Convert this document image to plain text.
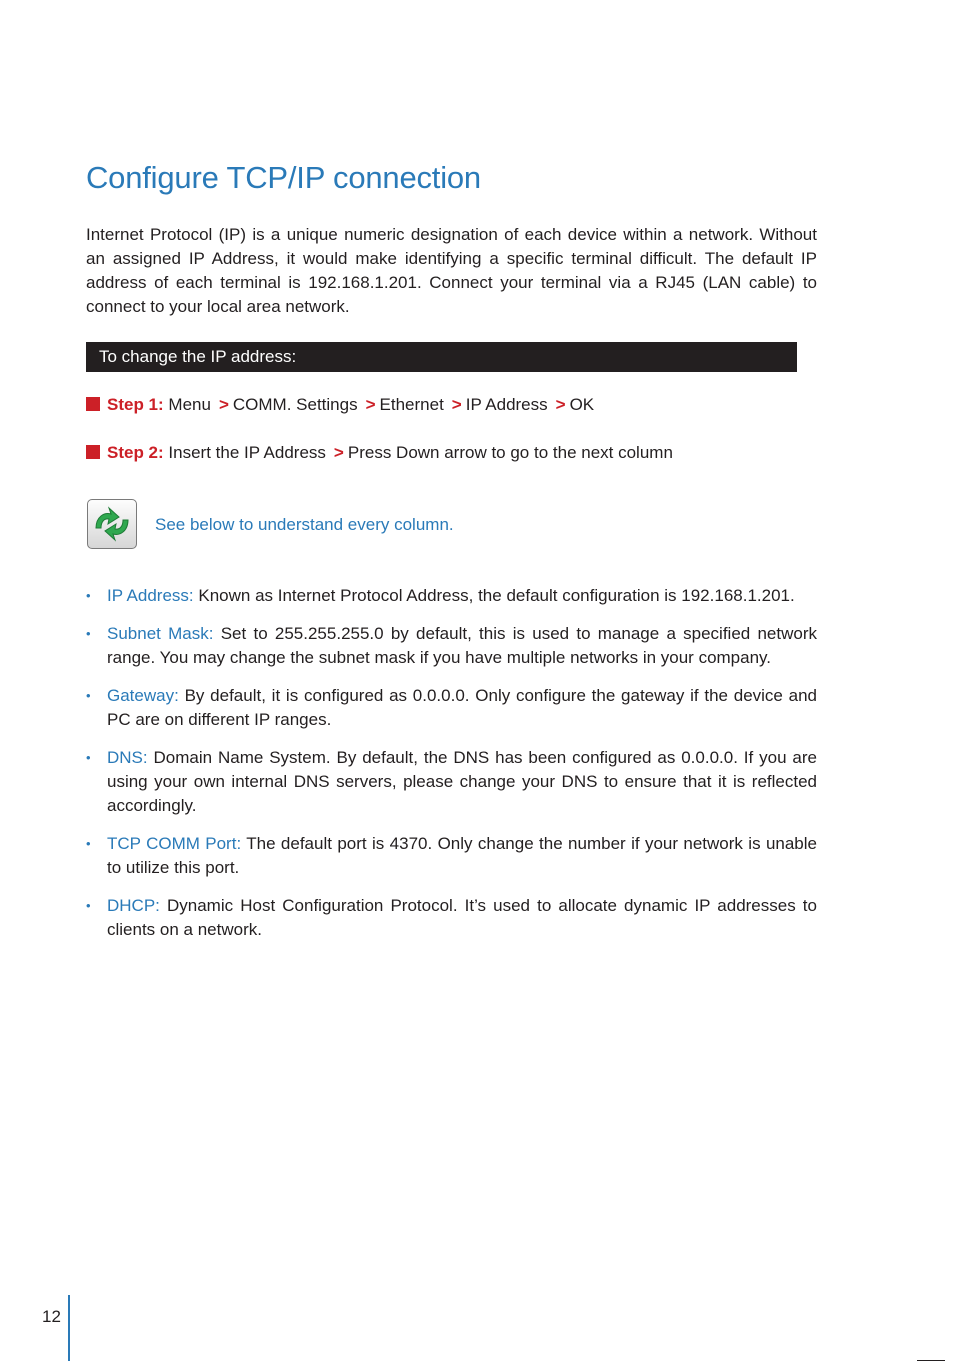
Configure TCP/IP connection

Internet Protocol (IP) is a unique numeric designation of each device within a network. Without an assigned IP Address, it would make identifying a specific terminal difficult. The default IP address of each terminal is 192.168.1.201. Connect your terminal via a RJ45 (LAN cable) to connect to your local area network.

To change the IP address:
Step 1: Menu > COMM. Settings > Ethernet > IP Address > OK
Step 2: Insert the IP Address > Press Down arrow to go to the next column
See below to understand every column.
• IP Address: Known as Internet Protocol Address, the default configuration is 192.168.1.201.
• Subnet Mask: Set to 255.255.255.0 by default, this is used to manage a specified network range. You may change the subnet mask if you have multiple networks in your company.
• Gateway: By default, it is configured as 0.0.0.0. Only configure the gateway if the device and PC are on different IP ranges.
• DNS: Domain Name System. By default, the DNS has been configured as 0.0.0.0. If you are using your own internal DNS servers, please change your DNS to ensure that it is reflected accordingly.
• TCP COMM Port: The default port is 4370. Only change the number if your network is unable to utilize this port.
• DHCP: Dynamic Host Configuration Protocol. It’s used to allocate dynamic IP addresses to clients on a network.
12
